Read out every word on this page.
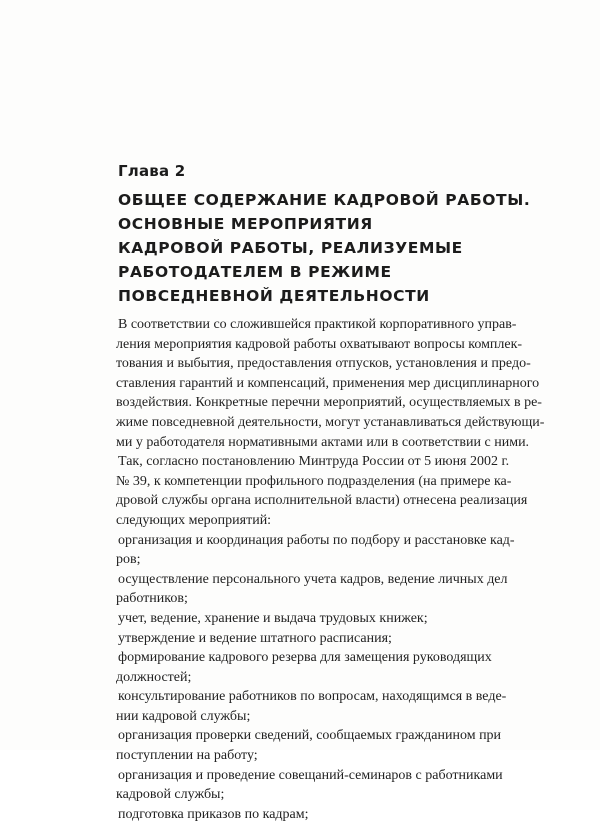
Глава 2
ОБЩЕЕ СОДЕРЖАНИЕ КАДРОВОЙ РАБОТЫ.
ОСНОВНЫЕ МЕРОПРИЯТИЯ
КАДРОВОЙ РАБОТЫ, РЕАЛИЗУЕМЫЕ
РАБОТОДАТЕЛЕМ В РЕЖИМЕ
ПОВСЕДНЕВНОЙ ДЕЯТЕЛЬНОСТИ
В соответствии со сложившейся практикой корпоративного управ-
ления мероприятия кадровой работы охватывают вопросы комплек-
тования и выбытия, предоставления отпусков, установления и предо-
ставления гарантий и компенсаций, применения мер дисциплинарного
воздействия. Конкретные перечни мероприятий, осуществляемых в ре-
жиме повседневной деятельности, могут устанавливаться действующи-
ми у работодателя нормативными актами или в соответствии с ними.
Так, согласно постановлению Минтруда России от 5 июня 2002 г.
№ 39, к компетенции профильного подразделения (на примере ка-
дровой службы органа исполнительной власти) отнесена реализация
следующих мероприятий:
организация и координация работы по подбору и расстановке кад-
ров;
осуществление персонального учета кадров, ведение личных дел
работников;
учет, ведение, хранение и выдача трудовых книжек;
утверждение и ведение штатного расписания;
формирование кадрового резерва для замещения руководящих
должностей;
консультирование работников по вопросам, находящимся в веде-
нии кадровой службы;
организация проверки сведений, сообщаемых гражданином при
поступлении на работу;
организация и проведение совещаний-семинаров с работниками
кадровой службы;
подготовка приказов по кадрам;
